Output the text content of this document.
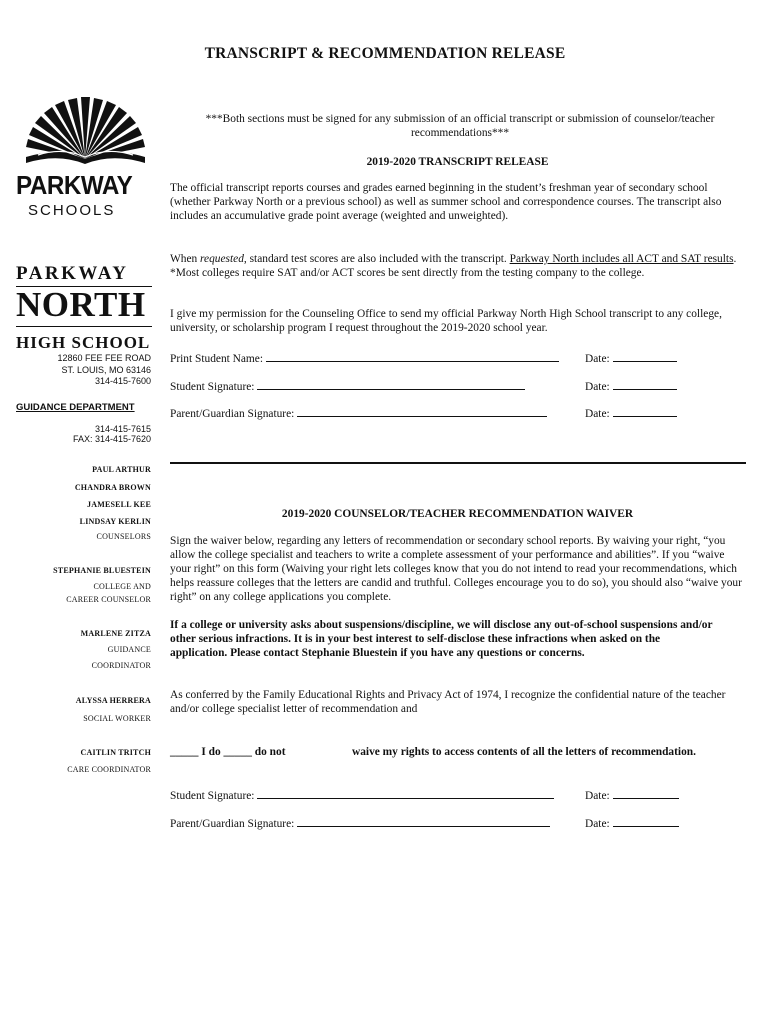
TRANSCRIPT & RECOMMENDATION RELEASE
PARKWAY
SCHOOLS
PARKWAY
NORTH
HIGH SCHOOL
12860 FEE FEE ROAD
ST. LOUIS, MO 63146
314-415-7600
GUIDANCE DEPARTMENT
314-415-7615
FAX: 314-415-7620
PAUL ARTHUR
CHANDRA BROWN
JAMESELL KEE
LINDSAY KERLIN
COUNSELORS
STEPHANIE BLUESTEIN
COLLEGE AND
CAREER COUNSELOR
MARLENE ZITZA
GUIDANCE
COORDINATOR
ALYSSA HERRERA
SOCIAL WORKER
CAITLIN TRITCH
CARE COORDINATOR
***Both sections must be signed for any submission of an official transcript or submission of counselor/teacher recommendations***
2019-2020 TRANSCRIPT RELEASE
The official transcript reports courses and grades earned beginning in the student’s freshman year of secondary school (whether Parkway North or a previous school) as well as summer school and correspondence courses. The transcript also includes an accumulative grade point average (weighted and unweighted).
When requested, standard test scores are also included with the transcript. Parkway North includes all ACT and SAT results. *Most colleges require SAT and/or ACT scores be sent directly from the testing company to the college.
I give my permission for the Counseling Office to send my official Parkway North High School transcript to any college, university, or scholarship program I request throughout the 2019-2020 school year.
Print Student Name:	Date:
Student Signature:	Date:
Parent/Guardian Signature:	Date:
2019-2020 COUNSELOR/TEACHER RECOMMENDATION WAIVER
Sign the waiver below, regarding any letters of recommendation or secondary school reports. By waiving your right, “you allow the college specialist and teachers to write a complete assessment of your performance and abilities”. If you “waive your right” on this form (Waiving your right lets colleges know that you do not intend to read your recommendations, which helps reassure colleges that the letters are candid and truthful. Colleges encourage you to do so), you should also “waive your right” on any college applications you complete.
If a college or university asks about suspensions/discipline, we will disclose any out-of-school suspensions and/or other serious infractions. It is in your best interest to self-disclose these infractions when asked on the application. Please contact Stephanie Bluestein if you have any questions or concerns.
As conferred by the Family Educational Rights and Privacy Act of 1974, I recognize the confidential nature of the teacher and/or college specialist letter of recommendation and
_____ I do _____ do not	waive my rights to access contents of all the letters of recommendation.
Student Signature:	Date:
Parent/Guardian Signature:	Date:
